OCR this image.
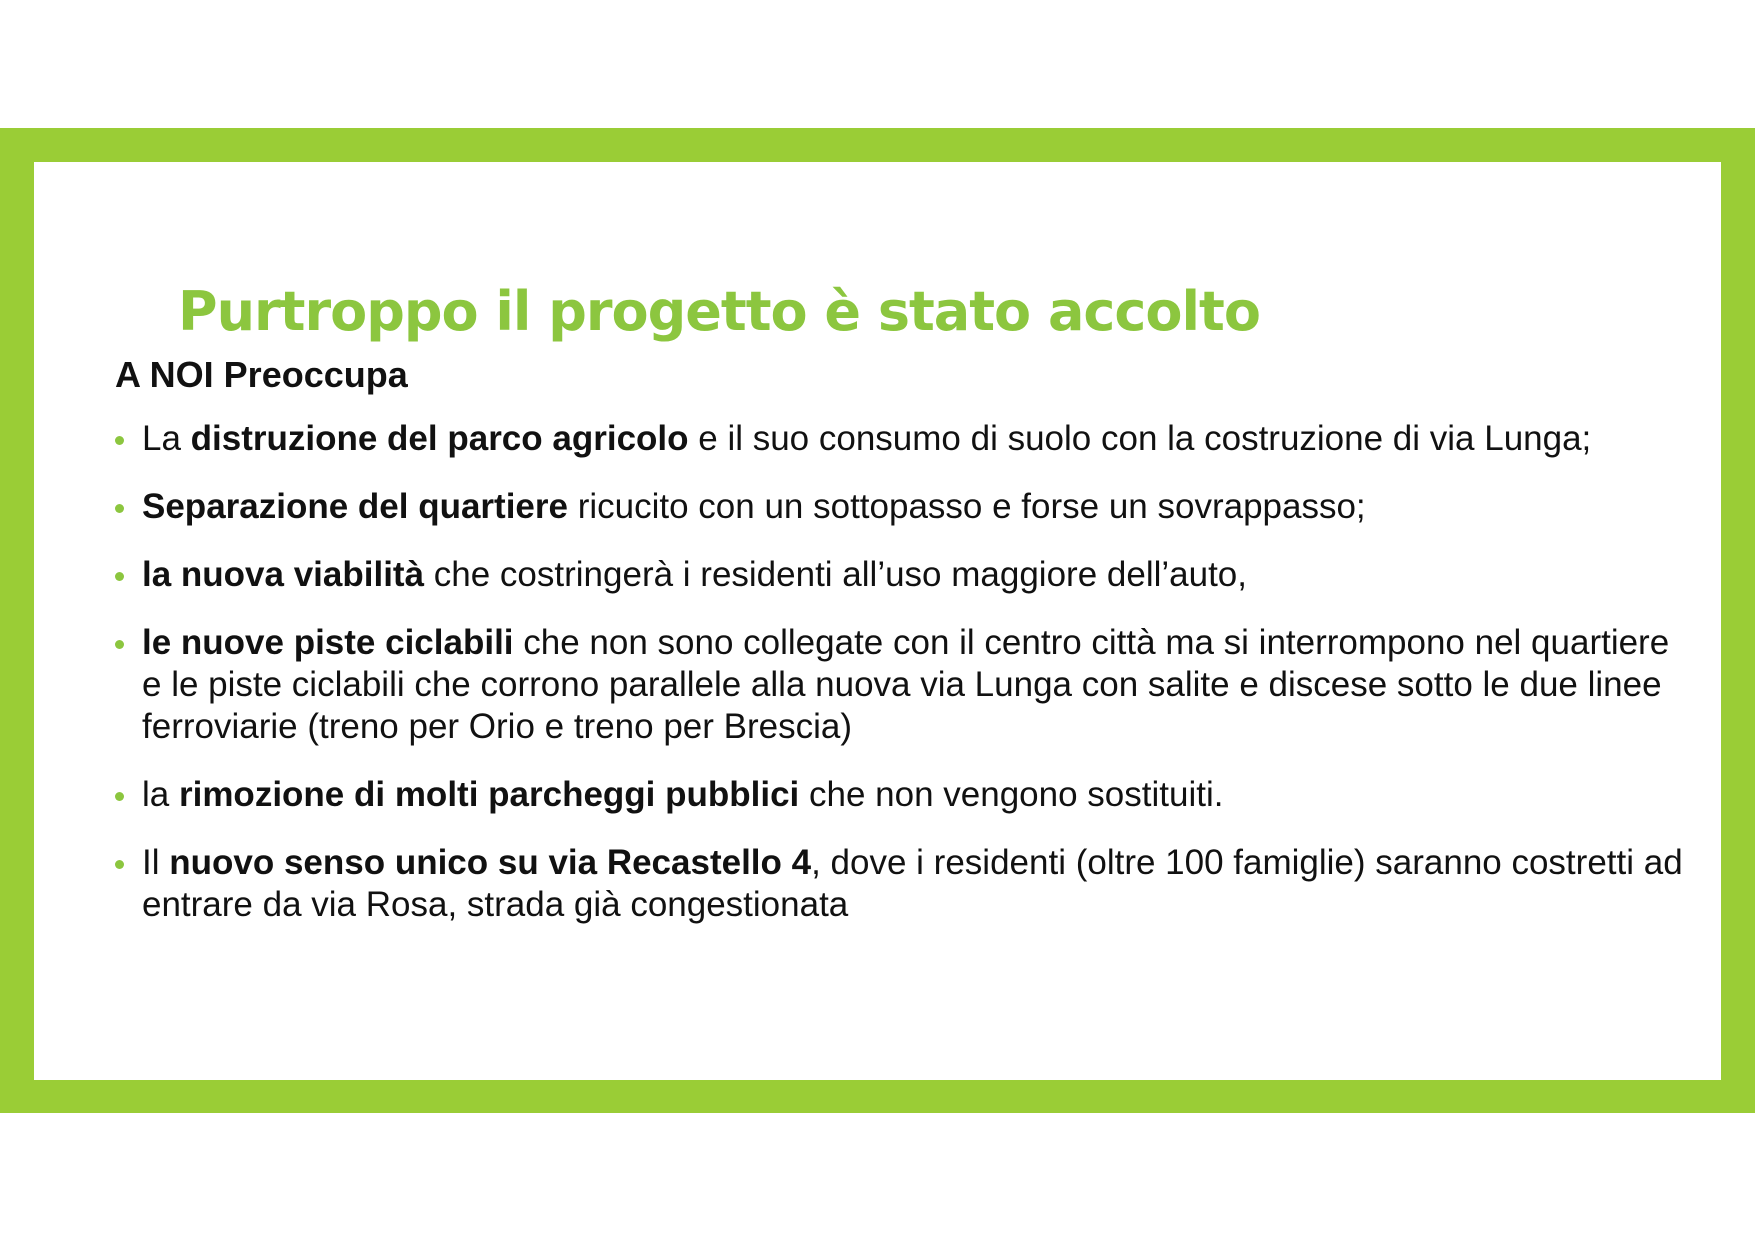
Purtroppo il progetto è stato accolto

A NOI Preoccupa

La distruzione del parco agricolo e il suo consumo di suolo con la costruzione di via Lunga;
Separazione del quartiere ricucito con un sottopasso e forse un sovrappasso;
la nuova viabilità che costringerà i residenti all’uso maggiore dell’auto,
le nuove piste ciclabili che non sono collegate con il centro città ma si interrompono nel quartiere e le piste ciclabili che corrono parallele alla nuova via Lunga con salite e discese sotto le due linee ferroviarie (treno per Orio e treno per Brescia)
la rimozione di molti parcheggi pubblici che non vengono sostituiti.
Il nuovo senso unico su via Recastello 4, dove i residenti (oltre 100 famiglie) saranno costretti ad entrare da via Rosa, strada già congestionata
